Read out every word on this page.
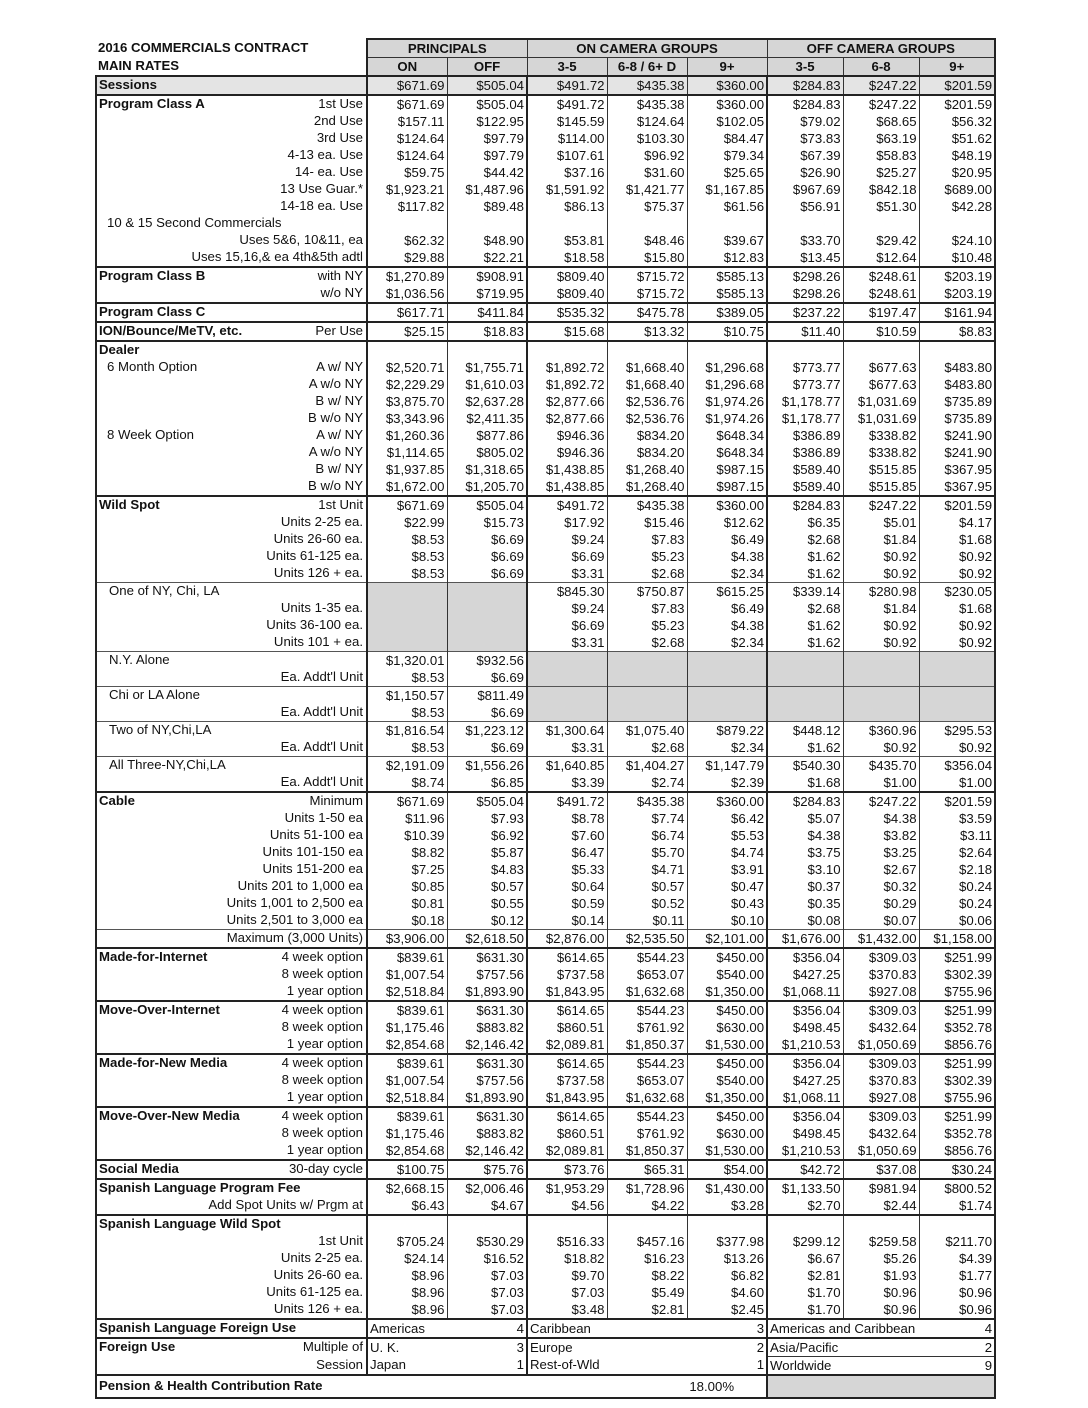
2016 COMMERCIALS CONTRACT	PRINCIPALS		ON CAMERA GROUPS			OFF CAMERA GROUPS		
MAIN RATES	ON	OFF	3-5	6-8 / 6+ D	9+	3-5	6-8	9+

Sessions	$671.69	$505.04	$491.72	$435.38	$360.00	$284.83	$247.22	$201.59

Program Class A 1st Use	$671.69	$505.04	$491.72	$435.38	$360.00	$284.83	$247.22	$201.59

2nd Use	$157.11	$122.95	$145.59	$124.64	$102.05	$79.02	$68.65	$56.32

3rd Use	$124.64	$97.79	$114.00	$103.30	$84.47	$73.83	$63.19	$51.62

4-13 ea. Use	$124.64	$97.79	$107.61	$96.92	$79.34	$67.39	$58.83	$48.19

14- ea. Use	$59.75	$44.42	$37.16	$31.60	$25.65	$26.90	$25.27	$20.95

13 Use Guar.*	$1,923.21	$1,487.96	$1,591.92	$1,421.77	$1,167.85	$967.69	$842.18	$689.00

14-18 ea. Use	$117.82	$89.48	$86.13	$75.37	$61.56	$56.91	$51.30	$42.28

10 & 15 Second Commercials								

Uses 5&6, 10&11, ea	$62.32	$48.90	$53.81	$48.46	$39.67	$33.70	$29.42	$24.10

Uses 15,16,& ea 4th&5th adtl	$29.88	$22.21	$18.58	$15.80	$12.83	$13.45	$12.64	$10.48

Program Class B with NY	$1,270.89	$908.91	$809.40	$715.72	$585.13	$298.26	$248.61	$203.19

w/o NY	$1,036.56	$719.95	$809.40	$715.72	$585.13	$298.26	$248.61	$203.19

Program Class C	$617.71	$411.84	$535.32	$475.78	$389.05	$237.22	$197.47	$161.94

ION/Bounce/MeTV, etc. Per Use	$25.15	$18.83	$15.68	$13.32	$10.75	$11.40	$10.59	$8.83

Dealer								

6 Month Option A w/ NY	$2,520.71	$1,755.71	$1,892.72	$1,668.40	$1,296.68	$773.77	$677.63	$483.80

A w/o NY	$2,229.29	$1,610.03	$1,892.72	$1,668.40	$1,296.68	$773.77	$677.63	$483.80

B w/ NY	$3,875.70	$2,637.28	$2,877.66	$2,536.76	$1,974.26	$1,178.77	$1,031.69	$735.89

B w/o NY	$3,343.96	$2,411.35	$2,877.66	$2,536.76	$1,974.26	$1,178.77	$1,031.69	$735.89

8 Week Option A w/ NY	$1,260.36	$877.86	$946.36	$834.20	$648.34	$386.89	$338.82	$241.90

A w/o NY	$1,114.65	$805.02	$946.36	$834.20	$648.34	$386.89	$338.82	$241.90

B w/ NY	$1,937.85	$1,318.65	$1,438.85	$1,268.40	$987.15	$589.40	$515.85	$367.95

B w/o NY	$1,672.00	$1,205.70	$1,438.85	$1,268.40	$987.15	$589.40	$515.85	$367.95

Wild Spot 1st Unit	$671.69	$505.04	$491.72	$435.38	$360.00	$284.83	$247.22	$201.59

Units 2-25 ea.	$22.99	$15.73	$17.92	$15.46	$12.62	$6.35	$5.01	$4.17

Units 26-60 ea.	$8.53	$6.69	$9.24	$7.83	$6.49	$2.68	$1.84	$1.68

Units 61-125 ea.	$8.53	$6.69	$6.69	$5.23	$4.38	$1.62	$0.92	$0.92

Units 126 + ea.	$8.53	$6.69	$3.31	$2.68	$2.34	$1.62	$0.92	$0.92

One of NY, Chi, LA			$845.30	$750.87	$615.25	$339.14	$280.98	$230.05

Units 1-35 ea.			$9.24	$7.83	$6.49	$2.68	$1.84	$1.68

Units 36-100 ea.			$6.69	$5.23	$4.38	$1.62	$0.92	$0.92

Units 101 + ea.			$3.31	$2.68	$2.34	$1.62	$0.92	$0.92

N.Y. Alone	$1,320.01	$932.56						

Ea. Addt'l Unit	$8.53	$6.69						

Chi or LA Alone	$1,150.57	$811.49						

Ea. Addt'l Unit	$8.53	$6.69						

Two of NY,Chi,LA	$1,816.54	$1,223.12	$1,300.64	$1,075.40	$879.22	$448.12	$360.96	$295.53

Ea. Addt'l Unit	$8.53	$6.69	$3.31	$2.68	$2.34	$1.62	$0.92	$0.92

All Three-NY,Chi,LA	$2,191.09	$1,556.26	$1,640.85	$1,404.27	$1,147.79	$540.30	$435.70	$356.04

Ea. Addt'l Unit	$8.74	$6.85	$3.39	$2.74	$2.39	$1.68	$1.00	$1.00

Cable Minimum	$671.69	$505.04	$491.72	$435.38	$360.00	$284.83	$247.22	$201.59

Units 1-50 ea	$11.96	$7.93	$8.78	$7.74	$6.42	$5.07	$4.38	$3.59

Units 51-100 ea	$10.39	$6.92	$7.60	$6.74	$5.53	$4.38	$3.82	$3.11

Units 101-150 ea	$8.82	$5.87	$6.47	$5.70	$4.74	$3.75	$3.25	$2.64

Units 151-200 ea	$7.25	$4.83	$5.33	$4.71	$3.91	$3.10	$2.67	$2.18

Units 201 to 1,000 ea	$0.85	$0.57	$0.64	$0.57	$0.47	$0.37	$0.32	$0.24

Units 1,001 to 2,500 ea	$0.81	$0.55	$0.59	$0.52	$0.43	$0.35	$0.29	$0.24

Units 2,501 to 3,000 ea	$0.18	$0.12	$0.14	$0.11	$0.10	$0.08	$0.07	$0.06

Maximum (3,000 Units)	$3,906.00	$2,618.50	$2,876.00	$2,535.50	$2,101.00	$1,676.00	$1,432.00	$1,158.00

Made-for-Internet 4 week option	$839.61	$631.30	$614.65	$544.23	$450.00	$356.04	$309.03	$251.99

8 week option	$1,007.54	$757.56	$737.58	$653.07	$540.00	$427.25	$370.83	$302.39

1 year option	$2,518.84	$1,893.90	$1,843.95	$1,632.68	$1,350.00	$1,068.11	$927.08	$755.96

Move-Over-Internet 4 week option	$839.61	$631.30	$614.65	$544.23	$450.00	$356.04	$309.03	$251.99

8 week option	$1,175.46	$883.82	$860.51	$761.92	$630.00	$498.45	$432.64	$352.78

1 year option	$2,854.68	$2,146.42	$2,089.81	$1,850.37	$1,530.00	$1,210.53	$1,050.69	$856.76

Made-for-New Media 4 week option	$839.61	$631.30	$614.65	$544.23	$450.00	$356.04	$309.03	$251.99

8 week option	$1,007.54	$757.56	$737.58	$653.07	$540.00	$427.25	$370.83	$302.39

1 year option	$2,518.84	$1,893.90	$1,843.95	$1,632.68	$1,350.00	$1,068.11	$927.08	$755.96

Move-Over-New Media 4 week option	$839.61	$631.30	$614.65	$544.23	$450.00	$356.04	$309.03	$251.99

8 week option	$1,175.46	$883.82	$860.51	$761.92	$630.00	$498.45	$432.64	$352.78

1 year option	$2,854.68	$2,146.42	$2,089.81	$1,850.37	$1,530.00	$1,210.53	$1,050.69	$856.76

Social Media 30-day cycle	$100.75	$75.76	$73.76	$65.31	$54.00	$42.72	$37.08	$30.24

Spanish Language Program Fee	$2,668.15	$2,006.46	$1,953.29	$1,728.96	$1,430.00	$1,133.50	$981.94	$800.52

Add Spot Units w/ Prgm at	$6.43	$4.67	$4.56	$4.22	$3.28	$2.70	$2.44	$1.74

Spanish Language Wild Spot								

1st Unit	$705.24	$530.29	$516.33	$457.16	$377.98	$299.12	$259.58	$211.70

Units 2-25 ea.	$24.14	$16.52	$18.82	$16.23	$13.26	$6.67	$5.26	$4.39

Units 26-60 ea.	$8.96	$7.03	$9.70	$8.22	$6.82	$2.81	$1.93	$1.77

Units 61-125 ea.	$8.96	$7.03	$7.03	$5.49	$4.60	$1.70	$0.96	$0.96

Units 126 + ea.	$8.96	$7.03	$3.48	$2.81	$2.45	$1.70	$0.96	$0.96

Spanish Language Foreign Use	Americas	4	Caribbean		3	Americas and Caribbean		4

Foreign Use Multiple of	U. K.	3	Europe		2	Asia/Pacific		2

Session	Japan	1	Rest-of-Wld		1	Worldwide		9

Pension & Health Contribution Rate	18.00%							
